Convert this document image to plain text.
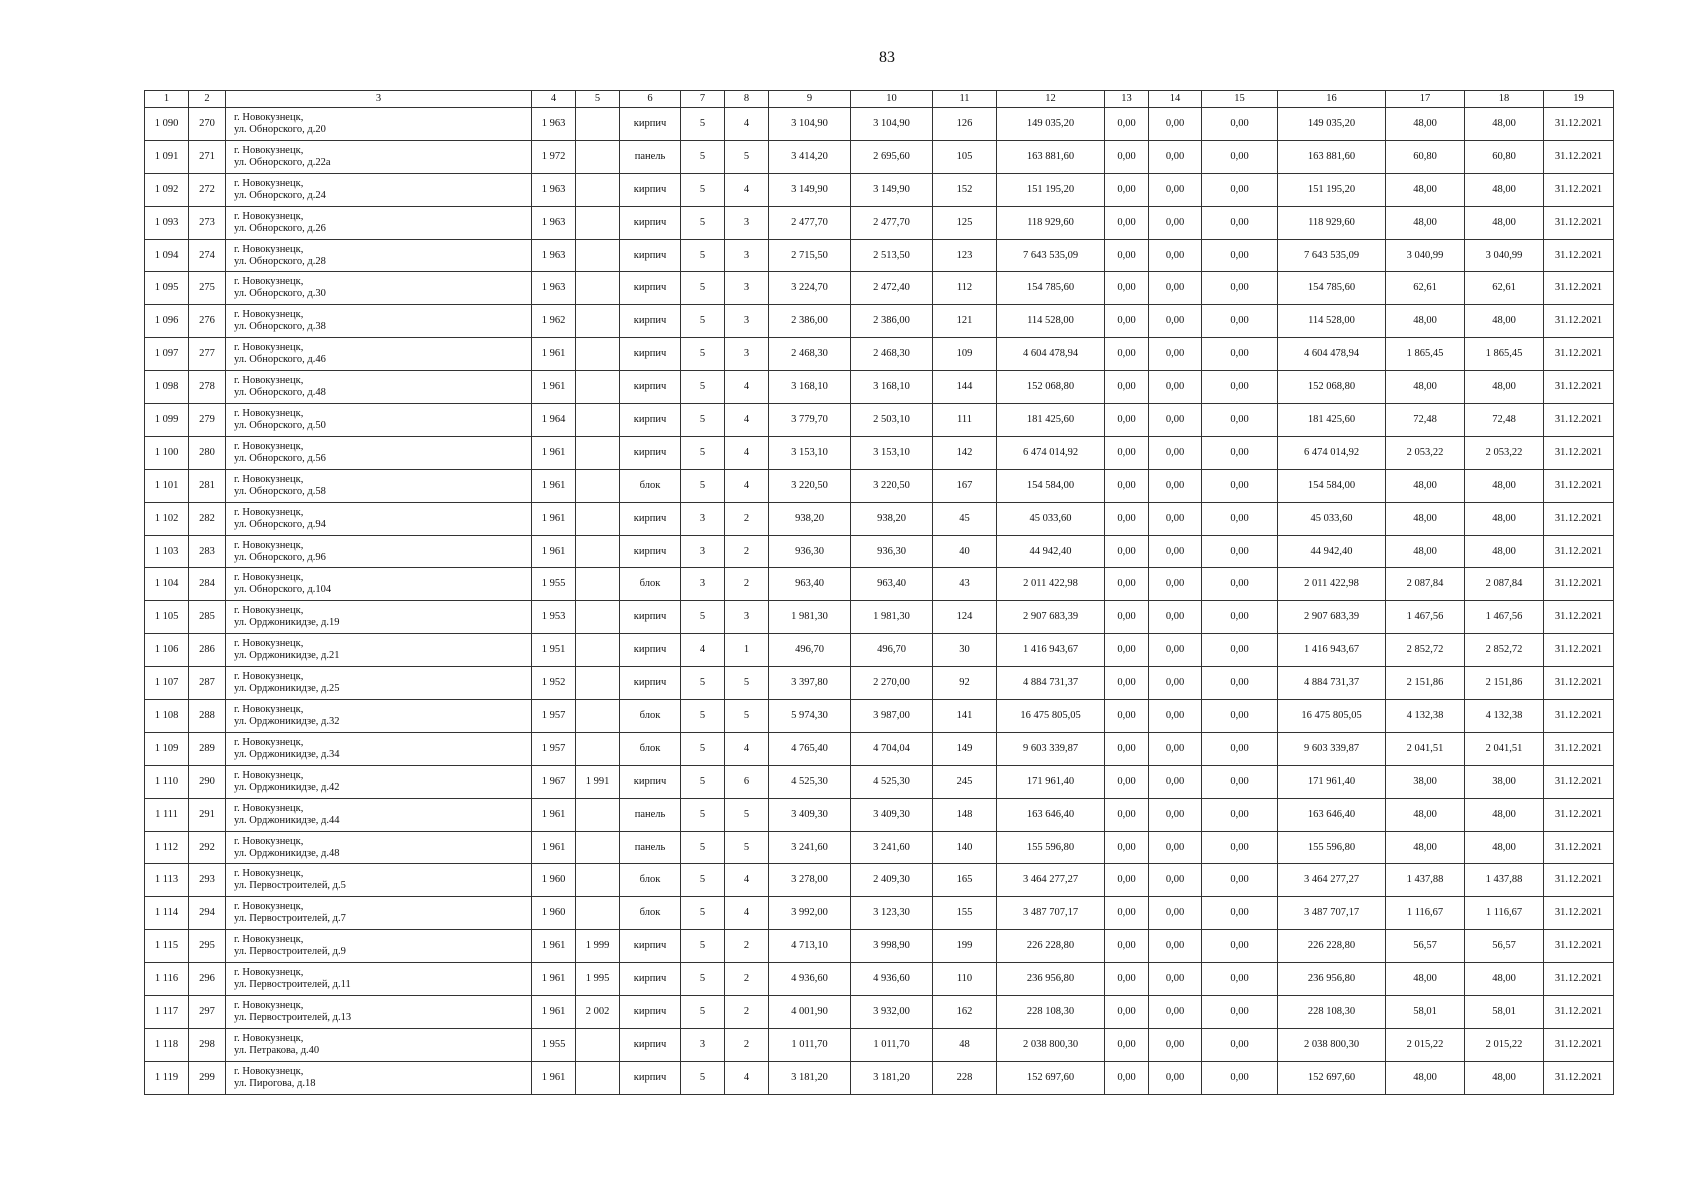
83
1	2	3	4	5	6	7	8	9	10	11	12	13	14	15	16	17	18	19
1 090	270	г. Новокузнецк,
ул. Обнорского, д.20	1 963		кирпич	5	4	3 104,90	3 104,90	126	149 035,20	0,00	0,00	0,00	149 035,20	48,00	48,00	31.12.2021
1 091	271	г. Новокузнецк,
ул. Обнорского, д.22а	1 972		панель	5	5	3 414,20	2 695,60	105	163 881,60	0,00	0,00	0,00	163 881,60	60,80	60,80	31.12.2021
1 092	272	г. Новокузнецк,
ул. Обнорского, д.24	1 963		кирпич	5	4	3 149,90	3 149,90	152	151 195,20	0,00	0,00	0,00	151 195,20	48,00	48,00	31.12.2021
1 093	273	г. Новокузнецк,
ул. Обнорского, д.26	1 963		кирпич	5	3	2 477,70	2 477,70	125	118 929,60	0,00	0,00	0,00	118 929,60	48,00	48,00	31.12.2021
1 094	274	г. Новокузнецк,
ул. Обнорского, д.28	1 963		кирпич	5	3	2 715,50	2 513,50	123	7 643 535,09	0,00	0,00	0,00	7 643 535,09	3 040,99	3 040,99	31.12.2021
1 095	275	г. Новокузнецк,
ул. Обнорского, д.30	1 963		кирпич	5	3	3 224,70	2 472,40	112	154 785,60	0,00	0,00	0,00	154 785,60	62,61	62,61	31.12.2021
1 096	276	г. Новокузнецк,
ул. Обнорского, д.38	1 962		кирпич	5	3	2 386,00	2 386,00	121	114 528,00	0,00	0,00	0,00	114 528,00	48,00	48,00	31.12.2021
1 097	277	г. Новокузнецк,
ул. Обнорского, д.46	1 961		кирпич	5	3	2 468,30	2 468,30	109	4 604 478,94	0,00	0,00	0,00	4 604 478,94	1 865,45	1 865,45	31.12.2021
1 098	278	г. Новокузнецк,
ул. Обнорского, д.48	1 961		кирпич	5	4	3 168,10	3 168,10	144	152 068,80	0,00	0,00	0,00	152 068,80	48,00	48,00	31.12.2021
1 099	279	г. Новокузнецк,
ул. Обнорского, д.50	1 964		кирпич	5	4	3 779,70	2 503,10	111	181 425,60	0,00	0,00	0,00	181 425,60	72,48	72,48	31.12.2021
1 100	280	г. Новокузнецк,
ул. Обнорского, д.56	1 961		кирпич	5	4	3 153,10	3 153,10	142	6 474 014,92	0,00	0,00	0,00	6 474 014,92	2 053,22	2 053,22	31.12.2021
1 101	281	г. Новокузнецк,
ул. Обнорского, д.58	1 961		блок	5	4	3 220,50	3 220,50	167	154 584,00	0,00	0,00	0,00	154 584,00	48,00	48,00	31.12.2021
1 102	282	г. Новокузнецк,
ул. Обнорского, д.94	1 961		кирпич	3	2	938,20	938,20	45	45 033,60	0,00	0,00	0,00	45 033,60	48,00	48,00	31.12.2021
1 103	283	г. Новокузнецк,
ул. Обнорского, д.96	1 961		кирпич	3	2	936,30	936,30	40	44 942,40	0,00	0,00	0,00	44 942,40	48,00	48,00	31.12.2021
1 104	284	г. Новокузнецк,
ул. Обнорского, д.104	1 955		блок	3	2	963,40	963,40	43	2 011 422,98	0,00	0,00	0,00	2 011 422,98	2 087,84	2 087,84	31.12.2021
1 105	285	г. Новокузнецк,
ул. Орджоникидзе, д.19	1 953		кирпич	5	3	1 981,30	1 981,30	124	2 907 683,39	0,00	0,00	0,00	2 907 683,39	1 467,56	1 467,56	31.12.2021
1 106	286	г. Новокузнецк,
ул. Орджоникидзе, д.21	1 951		кирпич	4	1	496,70	496,70	30	1 416 943,67	0,00	0,00	0,00	1 416 943,67	2 852,72	2 852,72	31.12.2021
1 107	287	г. Новокузнецк,
ул. Орджоникидзе, д.25	1 952		кирпич	5	5	3 397,80	2 270,00	92	4 884 731,37	0,00	0,00	0,00	4 884 731,37	2 151,86	2 151,86	31.12.2021
1 108	288	г. Новокузнецк,
ул. Орджоникидзе, д.32	1 957		блок	5	5	5 974,30	3 987,00	141	16 475 805,05	0,00	0,00	0,00	16 475 805,05	4 132,38	4 132,38	31.12.2021
1 109	289	г. Новокузнецк,
ул. Орджоникидзе, д.34	1 957		блок	5	4	4 765,40	4 704,04	149	9 603 339,87	0,00	0,00	0,00	9 603 339,87	2 041,51	2 041,51	31.12.2021
1 110	290	г. Новокузнецк,
ул. Орджоникидзе, д.42	1 967	1 991	кирпич	5	6	4 525,30	4 525,30	245	171 961,40	0,00	0,00	0,00	171 961,40	38,00	38,00	31.12.2021
1 111	291	г. Новокузнецк,
ул. Орджоникидзе, д.44	1 961		панель	5	5	3 409,30	3 409,30	148	163 646,40	0,00	0,00	0,00	163 646,40	48,00	48,00	31.12.2021
1 112	292	г. Новокузнецк,
ул. Орджоникидзе, д.48	1 961		панель	5	5	3 241,60	3 241,60	140	155 596,80	0,00	0,00	0,00	155 596,80	48,00	48,00	31.12.2021
1 113	293	г. Новокузнецк,
ул. Первостроителей, д.5	1 960		блок	5	4	3 278,00	2 409,30	165	3 464 277,27	0,00	0,00	0,00	3 464 277,27	1 437,88	1 437,88	31.12.2021
1 114	294	г. Новокузнецк,
ул. Первостроителей, д.7	1 960		блок	5	4	3 992,00	3 123,30	155	3 487 707,17	0,00	0,00	0,00	3 487 707,17	1 116,67	1 116,67	31.12.2021
1 115	295	г. Новокузнецк,
ул. Первостроителей, д.9	1 961	1 999	кирпич	5	2	4 713,10	3 998,90	199	226 228,80	0,00	0,00	0,00	226 228,80	56,57	56,57	31.12.2021
1 116	296	г. Новокузнецк,
ул. Первостроителей, д.11	1 961	1 995	кирпич	5	2	4 936,60	4 936,60	110	236 956,80	0,00	0,00	0,00	236 956,80	48,00	48,00	31.12.2021
1 117	297	г. Новокузнецк,
ул. Первостроителей, д.13	1 961	2 002	кирпич	5	2	4 001,90	3 932,00	162	228 108,30	0,00	0,00	0,00	228 108,30	58,01	58,01	31.12.2021
1 118	298	г. Новокузнецк,
ул. Петракова, д.40	1 955		кирпич	3	2	1 011,70	1 011,70	48	2 038 800,30	0,00	0,00	0,00	2 038 800,30	2 015,22	2 015,22	31.12.2021
1 119	299	г. Новокузнецк,
ул. Пирогова, д.18	1 961		кирпич	5	4	3 181,20	3 181,20	228	152 697,60	0,00	0,00	0,00	152 697,60	48,00	48,00	31.12.2021
